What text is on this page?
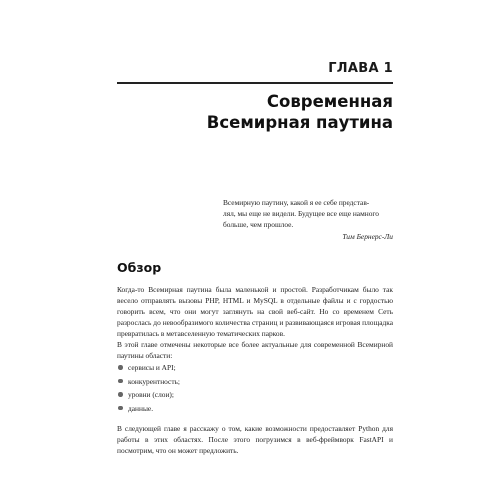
ГЛАВА 1
Современная
Всемирная паутина
Всемирную паутину, какой я ее себе представ-
лял, мы еще не видели. Будущее все еще намного
больше, чем прошлое.
Тим Бернерс-Ли
Обзор

Когда-то Всемирная паутина была маленькой и простой. Разработчикам было так весело отправлять вызовы PHP, HTML и MySQL в отдельные файлы и с гордостью говорить всем, что они могут заглянуть на свой веб-сайт. Но со временем Сеть разрослась до невообразимого количества страниц и развивающаяся игровая площадка превратилась в метавселенную тематических парков.

В этой главе отмечены некоторые все более актуальные для современной Всемирной паутины области:

сервисы и API;
конкурентность;
уровни (слои);
данные.

В следующей главе я расскажу о том, какие возможности предоставляет Python для работы в этих областях. После этого погрузимся в веб-фреймворк FastAPI и посмотрим, что он может предложить.
